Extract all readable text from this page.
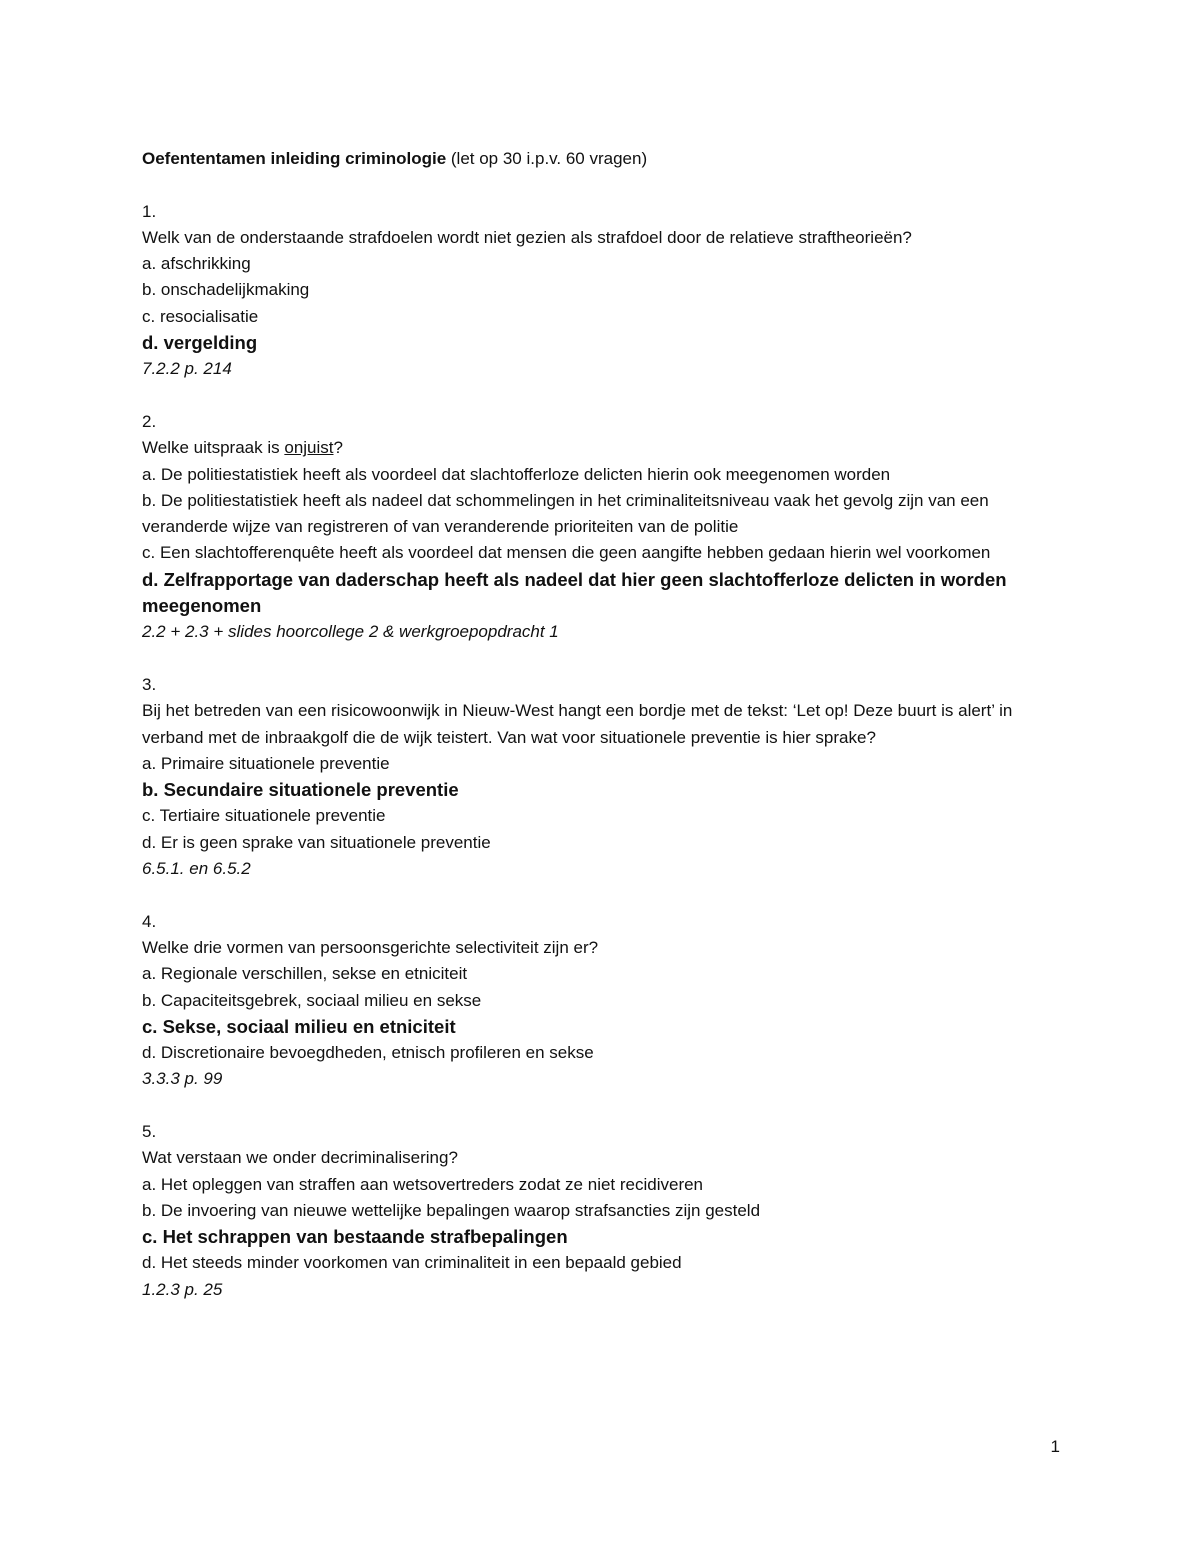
Oefententamen inleiding criminologie (let op 30 i.p.v. 60 vragen)

1.
Welk van de onderstaande strafdoelen wordt niet gezien als strafdoel door de relatieve straftheorieën?
a. afschrikking
b. onschadelijkmaking
c. resocialisatie
d. vergelding
7.2.2 p. 214
2.
Welke uitspraak is onjuist?
a. De politiestatistiek heeft als voordeel dat slachtofferloze delicten hierin ook meegenomen worden
b. De politiestatistiek heeft als nadeel dat schommelingen in het criminaliteitsniveau vaak het gevolg zijn van een veranderde wijze van registreren of van veranderende prioriteiten van de politie
c. Een slachtofferenquête heeft als voordeel dat mensen die geen aangifte hebben gedaan hierin wel voorkomen
d. Zelfrapportage van daderschap heeft als nadeel dat hier geen slachtofferloze delicten in worden meegenomen
2.2 + 2.3 + slides hoorcollege 2 & werkgroepopdracht 1
3.
Bij het betreden van een risicowoonwijk in Nieuw-West hangt een bordje met de tekst: ‘Let op! Deze buurt is alert’ in verband met de inbraakgolf die de wijk teistert. Van wat voor situationele preventie is hier sprake?
a. Primaire situationele preventie
b. Secundaire situationele preventie
c. Tertiaire situationele preventie
d. Er is geen sprake van situationele preventie
6.5.1. en 6.5.2
4.
Welke drie vormen van persoonsgerichte selectiviteit zijn er?
a. Regionale verschillen, sekse en etniciteit
b. Capaciteitsgebrek, sociaal milieu en sekse
c. Sekse, sociaal milieu en etniciteit
d. Discretionaire bevoegdheden, etnisch profileren en sekse
3.3.3 p. 99
5.
Wat verstaan we onder decriminalisering?
a. Het opleggen van straffen aan wetsovertreders zodat ze niet recidiveren
b. De invoering van nieuwe wettelijke bepalingen waarop strafsancties zijn gesteld
c. Het schrappen van bestaande strafbepalingen
d. Het steeds minder voorkomen van criminaliteit in een bepaald gebied
1.2.3 p. 25
1
